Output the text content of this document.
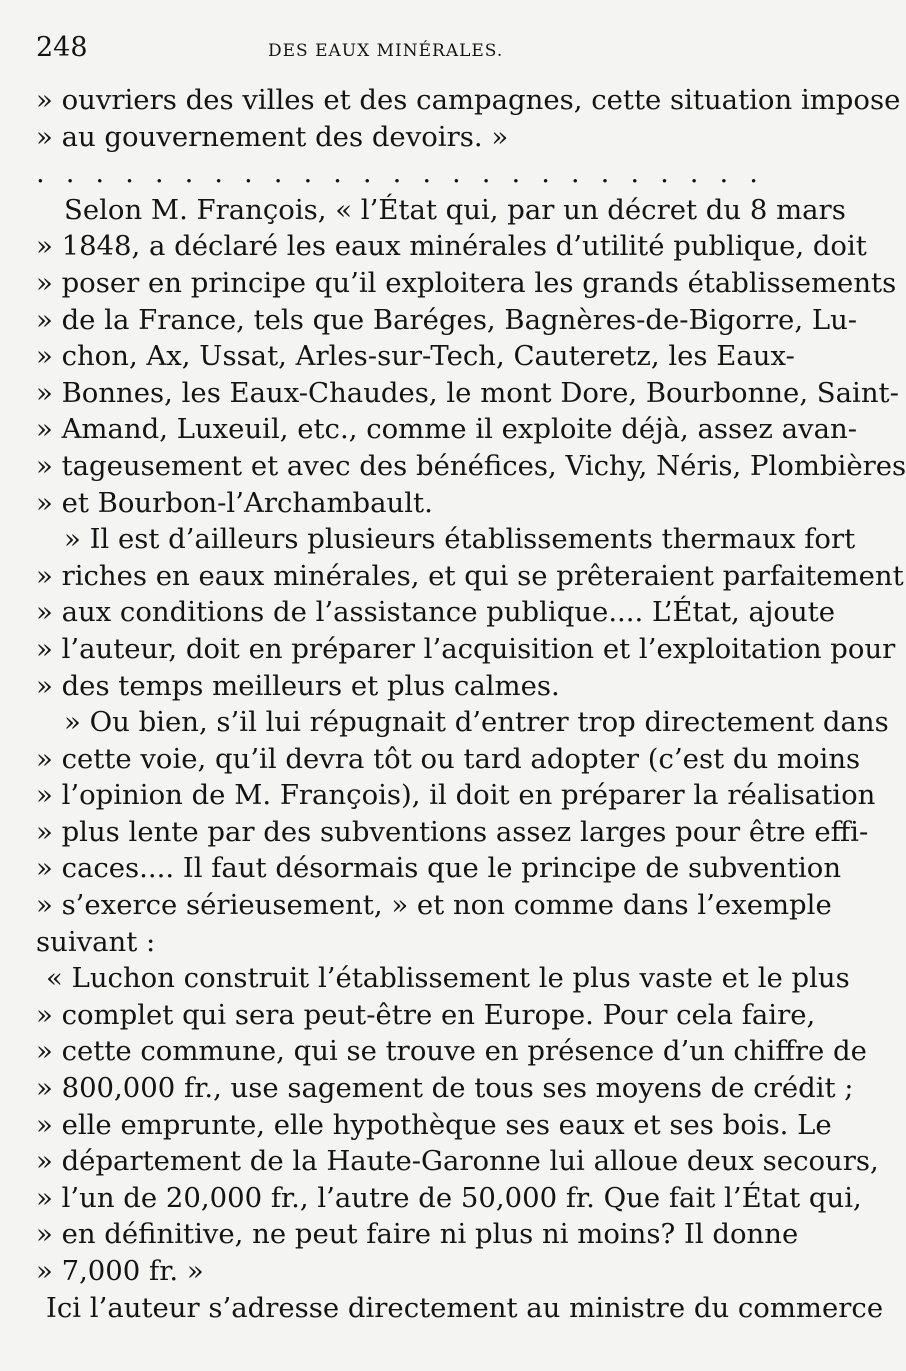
248	DES EAUX MINÉRALES.
» ouvriers des villes et des campagnes, cette situation impose
» au gouvernement des devoirs. »
. . . . . . . . . . . . . . . . . . . . . . . . .
Selon M. François, « l’État qui, par un décret du 8 mars
» 1848, a déclaré les eaux minérales d’utilité publique, doit
» poser en principe qu’il exploitera les grands établissements
» de la France, tels que Baréges, Bagnères-de-Bigorre, Lu-
» chon, Ax, Ussat, Arles-sur-Tech, Cauteretz, les Eaux-
» Bonnes, les Eaux-Chaudes, le mont Dore, Bourbonne, Saint-
» Amand, Luxeuil, etc., comme il exploite déjà, assez avan-
» tageusement et avec des bénéfices, Vichy, Néris, Plombières
» et Bourbon-l’Archambault.
» Il est d’ailleurs plusieurs établissements thermaux fort
» riches en eaux minérales, et qui se prêteraient parfaitement
» aux conditions de l’assistance publique.... L’État, ajoute
» l’auteur, doit en préparer l’acquisition et l’exploitation pour
» des temps meilleurs et plus calmes.
» Ou bien, s’il lui répugnait d’entrer trop directement dans
» cette voie, qu’il devra tôt ou tard adopter (c’est du moins
» l’opinion de M. François), il doit en préparer la réalisation
» plus lente par des subventions assez larges pour être effi-
» caces.... Il faut désormais que le principe de subvention
» s’exerce sérieusement, » et non comme dans l’exemple
suivant :
« Luchon construit l’établissement le plus vaste et le plus
» complet qui sera peut-être en Europe. Pour cela faire,
» cette commune, qui se trouve en présence d’un chiffre de
» 800,000 fr., use sagement de tous ses moyens de crédit ;
» elle emprunte, elle hypothèque ses eaux et ses bois. Le
» département de la Haute-Garonne lui alloue deux secours,
» l’un de 20,000 fr., l’autre de 50,000 fr. Que fait l’État qui,
» en définitive, ne peut faire ni plus ni moins? Il donne
» 7,000 fr. »
Ici l’auteur s’adresse directement au ministre du commerce
